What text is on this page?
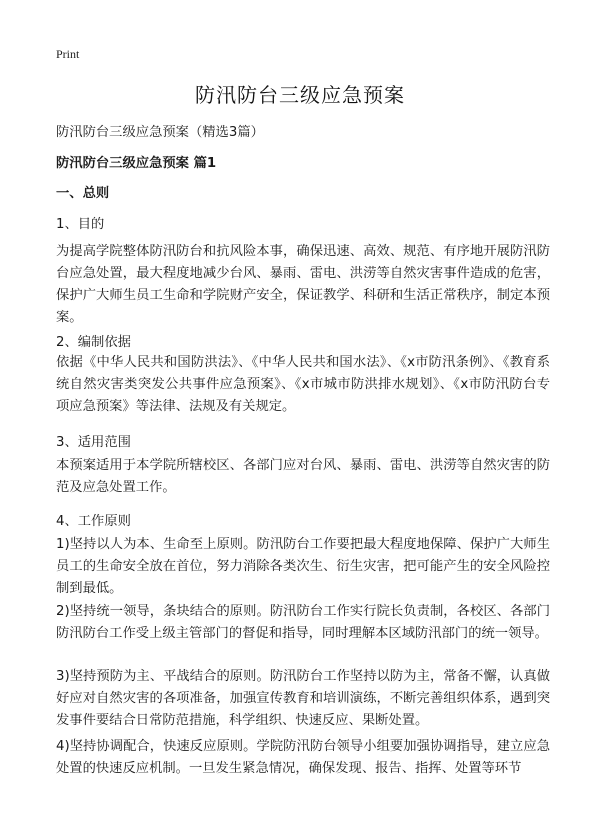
Print
防汛防台三级应急预案

防汛防台三级应急预案（精选3篇）

防汛防台三级应急预案 篇1

一、总则

1、目的

为提高学院整体防汛防台和抗风险本事，确保迅速、高效、规范、有序地开展防汛防台应急处置，最大程度地减少台风、暴雨、雷电、洪涝等自然灾害事件造成的危害，保护广大师生员工生命和学院财产安全，保证教学、科研和生活正常秩序，制定本预案。

2、编制依据

依据《中华人民共和国防洪法》、《中华人民共和国水法》、《x市防汛条例》、《教育系统自然灾害类突发公共事件应急预案》、《x市城市防洪排水规划》、《x市防汛防台专项应急预案》等法律、法规及有关规定。

3、适用范围

本预案适用于本学院所辖校区、各部门应对台风、暴雨、雷电、洪涝等自然灾害的防范及应急处置工作。

4、工作原则

1)坚持以人为本、生命至上原则。防汛防台工作要把最大程度地保障、保护广大师生员工的生命安全放在首位，努力消除各类次生、衍生灾害，把可能产生的安全风险控制到最低。

2)坚持统一领导，条块结合的原则。防汛防台工作实行院长负责制，各校区、各部门防汛防台工作受上级主管部门的督促和指导，同时理解本区域防汛部门的统一领导。

3)坚持预防为主、平战结合的原则。防汛防台工作坚持以防为主，常备不懈，认真做好应对自然灾害的各项准备，加强宣传教育和培训演练，不断完善组织体系，遇到突发事件要结合日常防范措施，科学组织、快速反应、果断处置。

4)坚持协调配合，快速反应原则。学院防汛防台领导小组要加强协调指导，建立应急处置的快速反应机制。一旦发生紧急情况，确保发现、报告、指挥、处置等环节
